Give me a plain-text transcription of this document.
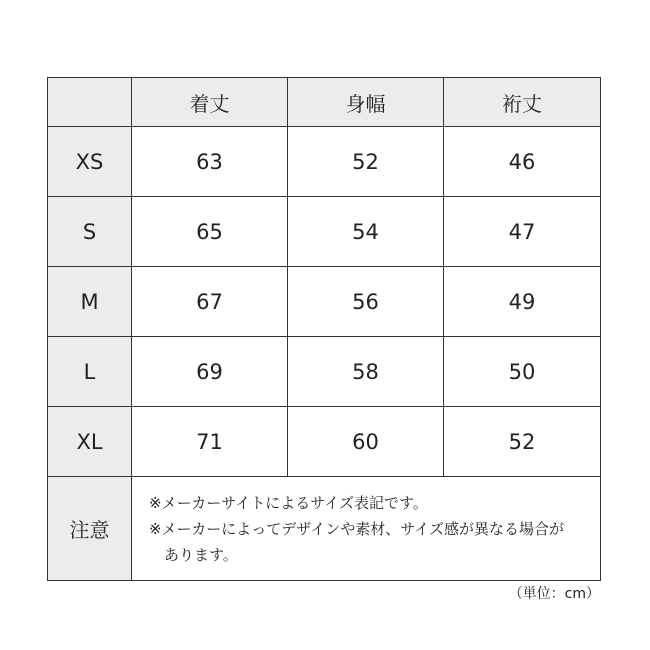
	着丈	身幅	裄丈
XS	63	52	46
S	65	54	47
M	67	56	49
L	69	58	50
XL	71	60	52
注意	※メーカーサイトによるサイズ表記です。
※メーカーによってデザインや素材、サイズ感が異なる場合が
あります。		
（単位：cm）
